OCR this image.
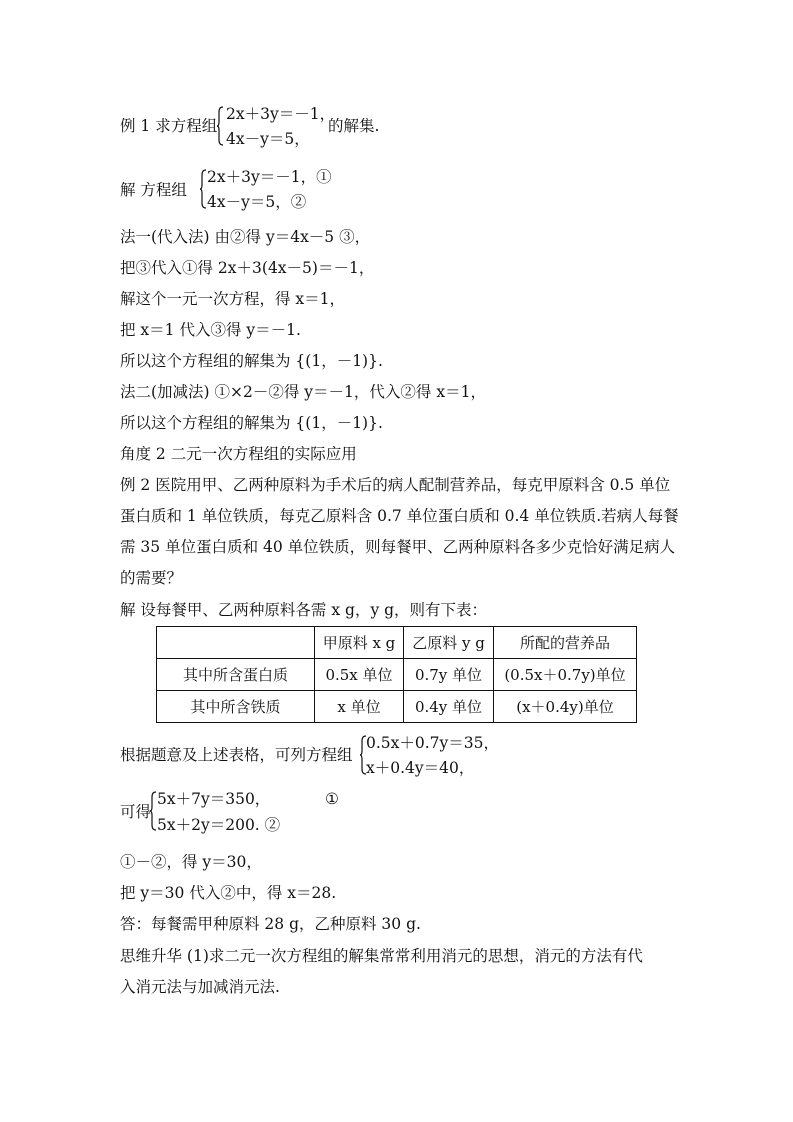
例 1 求方程组
2x＋3y＝－1，
4x－y＝5，
的解集.
解 方程组
2x＋3y＝－1，①
4x－y＝5，②
法一(代入法) 由②得 y＝4x－5 ③，
把③代入①得 2x＋3(4x－5)＝－1，
解这个一元一次方程，得 x＝1，
把 x＝1 代入③得 y＝－1.
所以这个方程组的解集为 {(1，－1)}.
法二(加减法) ①×2－②得 y＝－1，代入②得 x＝1，
所以这个方程组的解集为 {(1，－1)}.
角度 2 二元一次方程组的实际应用
例 2 医院用甲、乙两种原料为手术后的病人配制营养品，每克甲原料含 0.5 单位
蛋白质和 1 单位铁质，每克乙原料含 0.7 单位蛋白质和 0.4 单位铁质.若病人每餐
需 35 单位蛋白质和 40 单位铁质，则每餐甲、乙两种原料各多少克恰好满足病人
的需要？
解 设每餐甲、乙两种原料各需 x g，y g，则有下表：
	甲原料 x g	乙原料 y g	所配的营养品
其中所含蛋白质	0.5x 单位	0.7y 单位	(0.5x＋0.7y)单位
其中所含铁质	x 单位	0.4y 单位	(x＋0.4y)单位
根据题意及上述表格，可列方程组
0.5x＋0.7y＝35，
x＋0.4y＝40，
可得
5x＋7y＝350，	①
5x＋2y＝200. ②
①－②，得 y＝30，
把 y＝30 代入②中，得 x＝28.
答：每餐需甲种原料 28 g，乙种原料 30 g.
思维升华 (1)求二元一次方程组的解集常常利用消元的思想，消元的方法有代
入消元法与加减消元法.
